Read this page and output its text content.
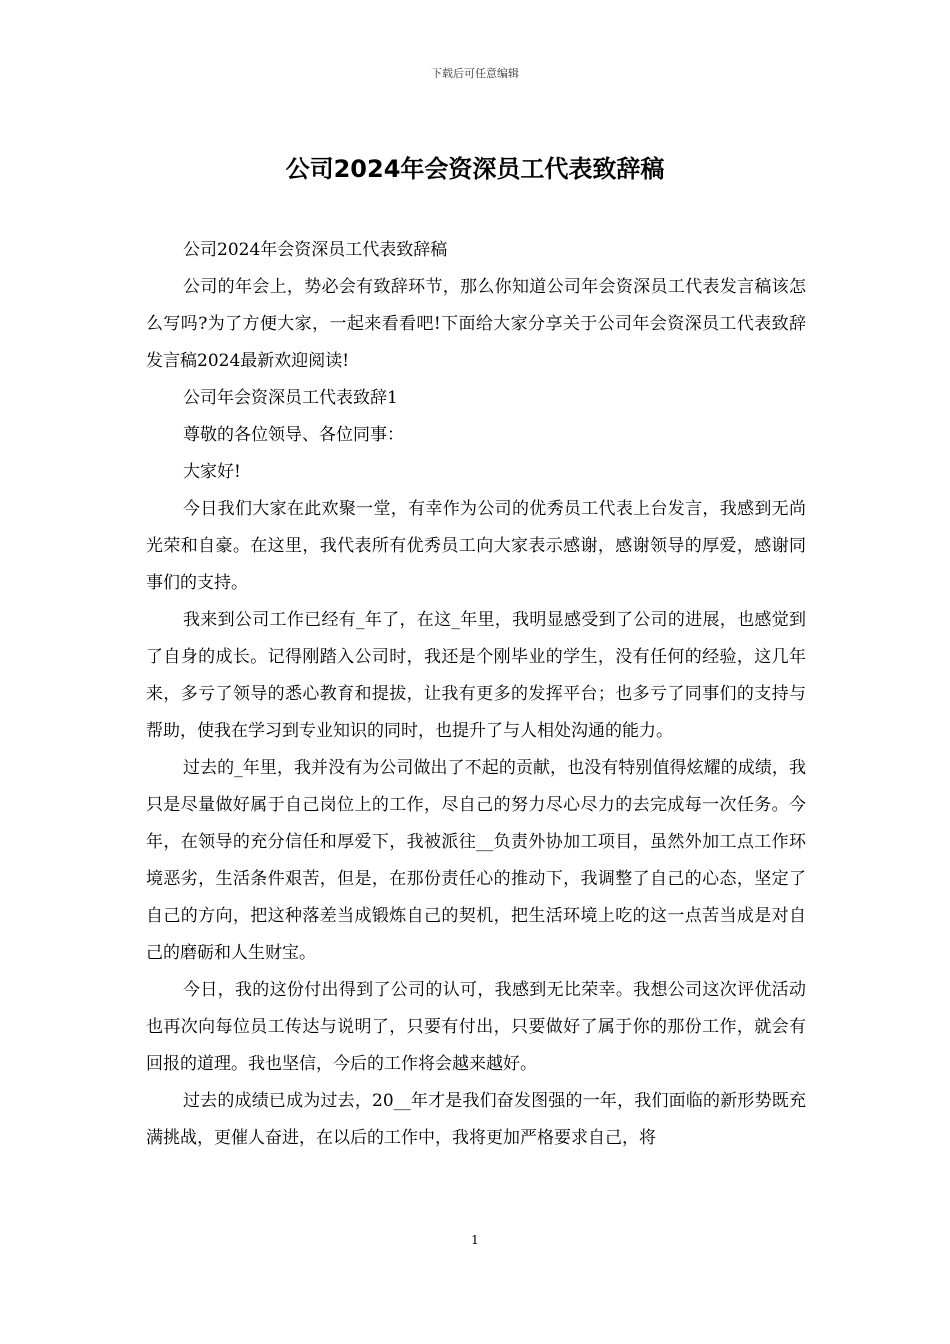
下载后可任意编辑
公司2024年会资深员工代表致辞稿

公司2024年会资深员工代表致辞稿

公司的年会上，势必会有致辞环节，那么你知道公司年会资深员工代表发言稿该怎么写吗?为了方便大家，一起来看看吧!下面给大家分享关于公司年会资深员工代表致辞发言稿2024最新欢迎阅读!

公司年会资深员工代表致辞1

尊敬的各位领导、各位同事：

大家好!

今日我们大家在此欢聚一堂，有幸作为公司的优秀员工代表上台发言，我感到无尚光荣和自豪。在这里，我代表所有优秀员工向大家表示感谢，感谢领导的厚爱，感谢同事们的支持。

我来到公司工作已经有_年了，在这_年里，我明显感受到了公司的进展，也感觉到了自身的成长。记得刚踏入公司时，我还是个刚毕业的学生，没有任何的经验，这几年来，多亏了领导的悉心教育和提拔，让我有更多的发挥平台；也多亏了同事们的支持与帮助，使我在学习到专业知识的同时，也提升了与人相处沟通的能力。

过去的_年里，我并没有为公司做出了不起的贡献，也没有特别值得炫耀的成绩，我只是尽量做好属于自己岗位上的工作，尽自己的努力尽心尽力的去完成每一次任务。今年，在领导的充分信任和厚爱下，我被派往__负责外协加工项目，虽然外加工点工作环境恶劣，生活条件艰苦，但是，在那份责任心的推动下，我调整了自己的心态，坚定了自己的方向，把这种落差当成锻炼自己的契机，把生活环境上吃的这一点苦当成是对自己的磨砺和人生财宝。

今日，我的这份付出得到了公司的认可，我感到无比荣幸。我想公司这次评优活动也再次向每位员工传达与说明了，只要有付出，只要做好了属于你的那份工作，就会有回报的道理。我也坚信，今后的工作将会越来越好。

过去的成绩已成为过去，20__年才是我们奋发图强的一年，我们面临的新形势既充满挑战，更催人奋进，在以后的工作中，我将更加严格要求自己，将

1
